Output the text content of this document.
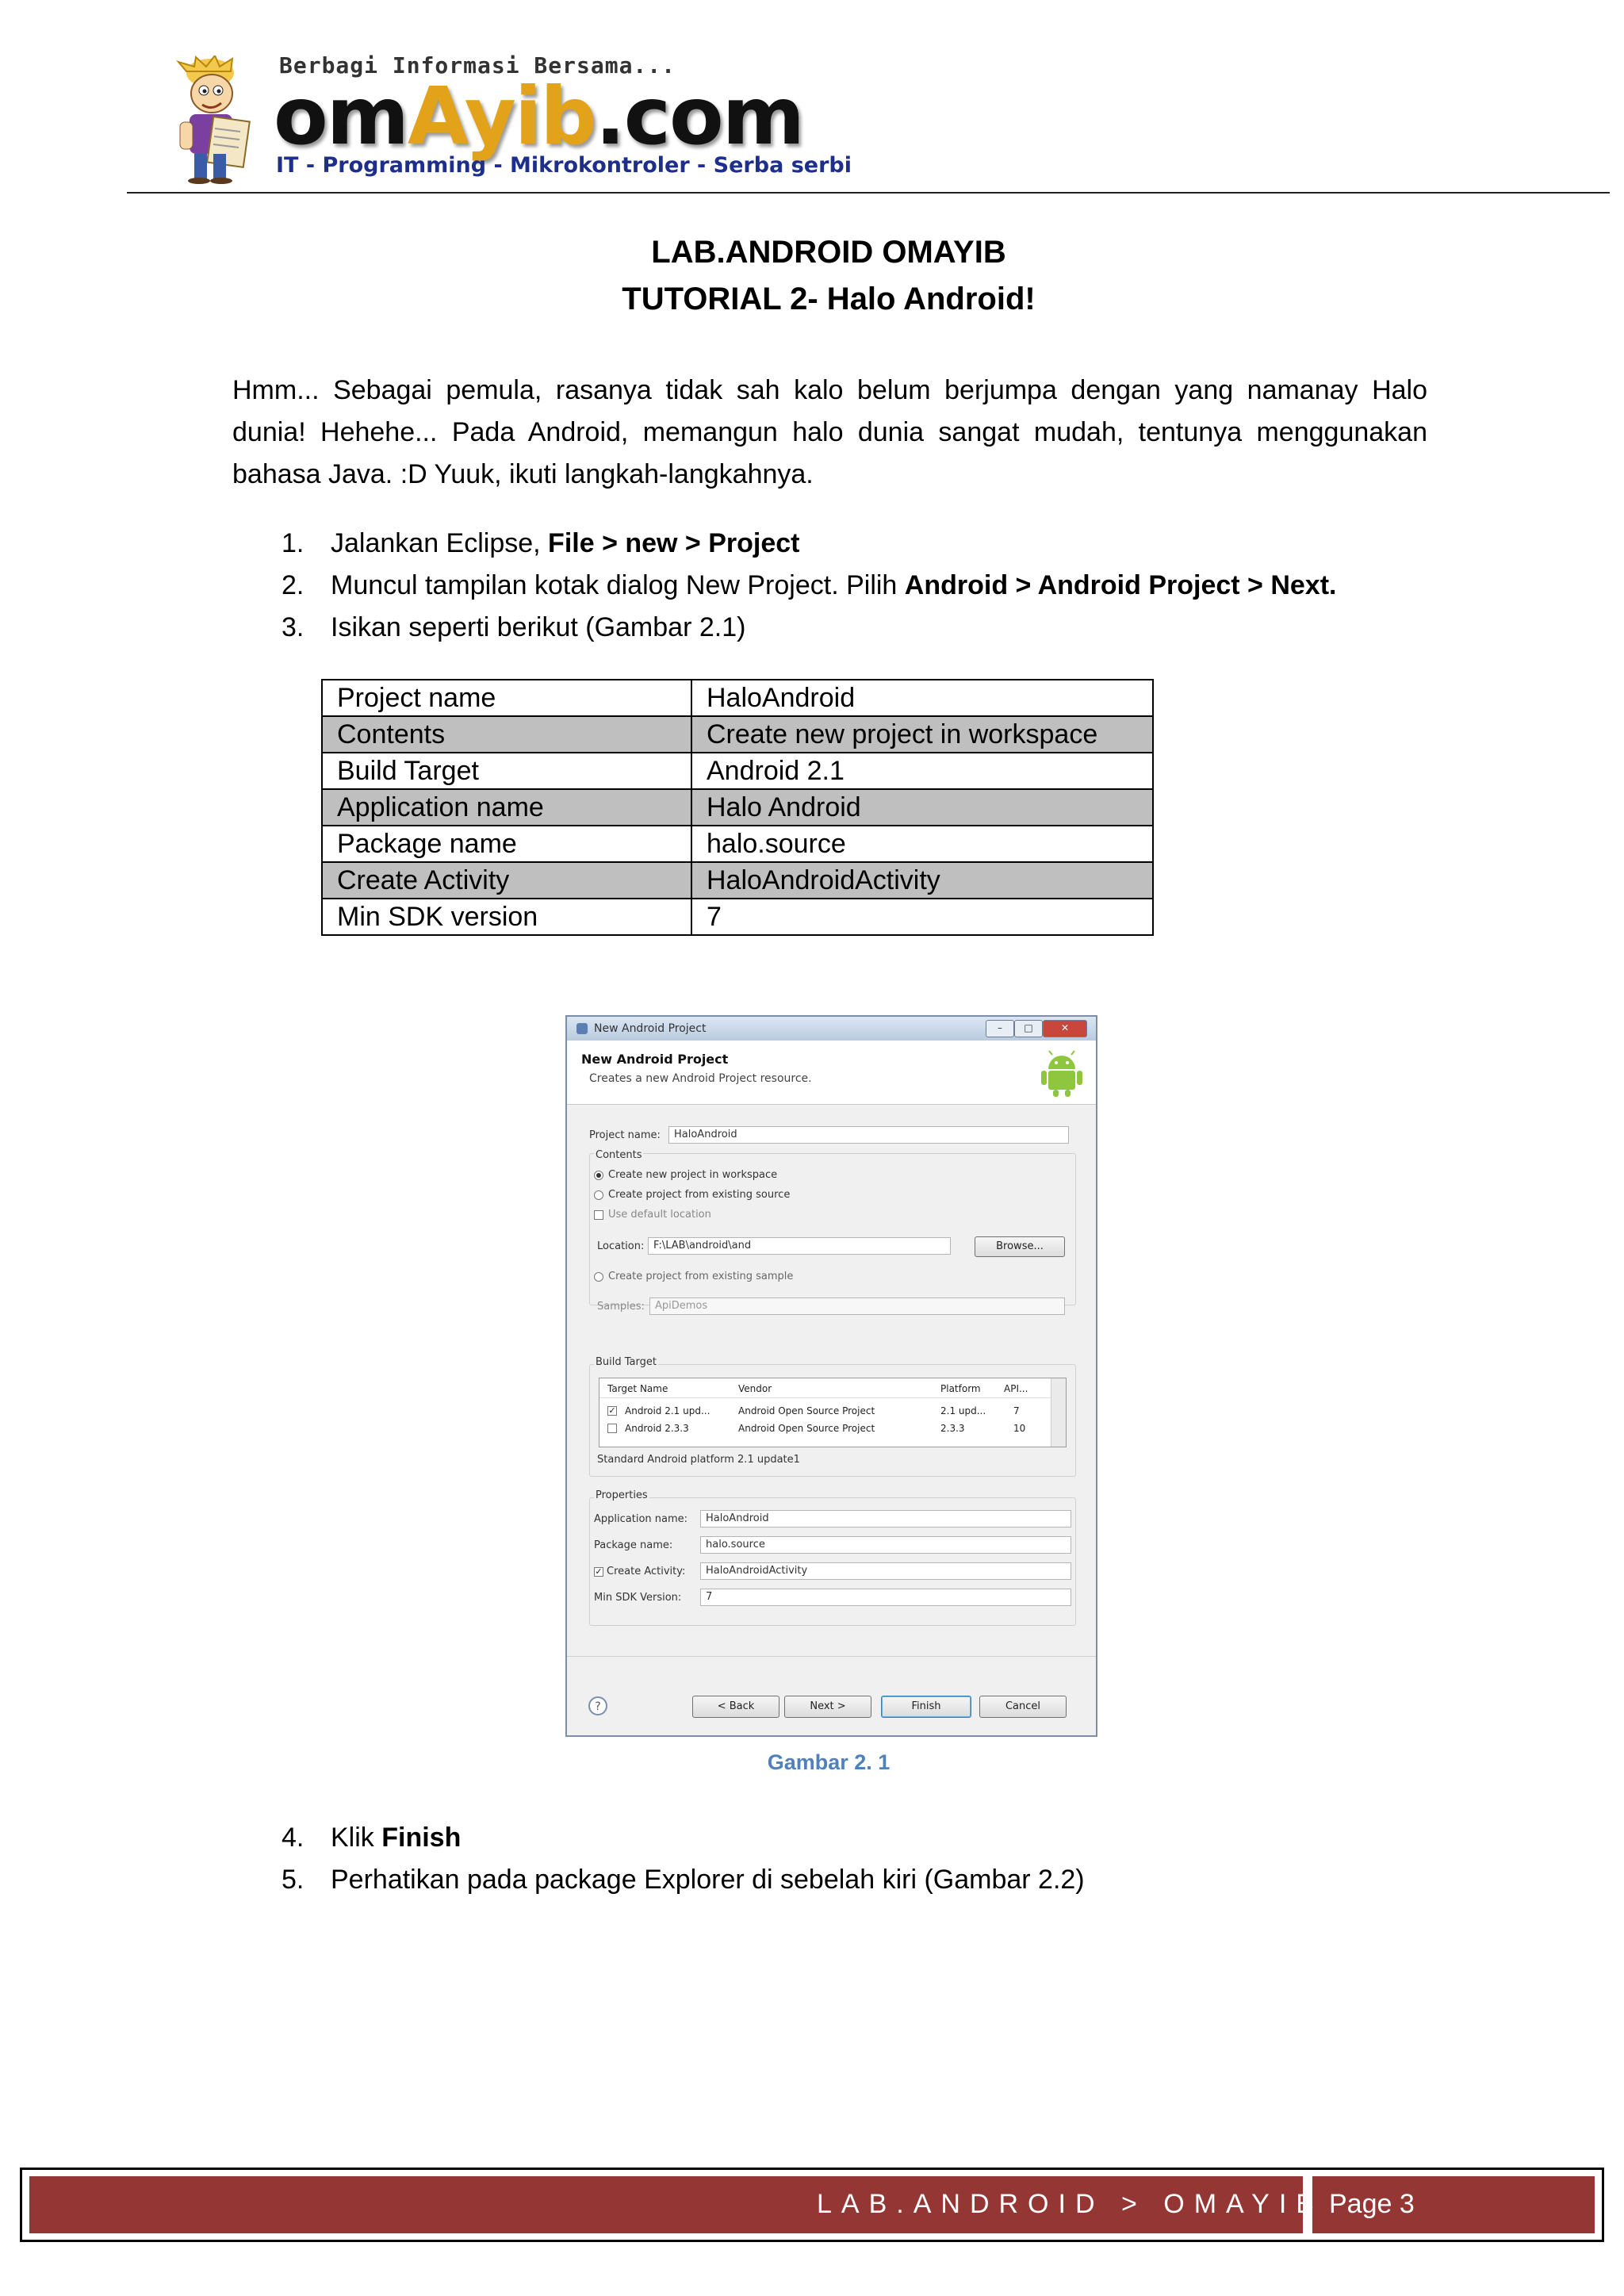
Berbagi Informasi Bersama...
omAyib.com
IT - Programming - Mikrokontroler - Serba serbi
LAB.ANDROID OMAYIB
TUTORIAL 2- Halo Android!
Hmm... Sebagai pemula, rasanya tidak sah kalo belum berjumpa dengan yang namanay Halo dunia! Hehehe... Pada Android, memangun halo dunia sangat mudah, tentunya menggunakan bahasa Java. :D Yuuk, ikuti langkah-langkahnya.
1. Jalankan Eclipse, File > new > Project
2. Muncul tampilan kotak dialog New Project. Pilih Android > Android Project > Next.
3. Isikan seperti berikut (Gambar 2.1)
Project name	HaloAndroid
Contents	Create new project in workspace
Build Target	Android 2.1
Application name	Halo Android
Package name	halo.source
Create Activity	HaloAndroidActivity
Min SDK version	7
New Android Project	–	□	✕
New Android Project
Creates a new Android Project resource.
Project name:	HaloAndroid
Contents
Create new project in workspace
Create project from existing source
Use default location
Location: F:\LAB\android\and	Browse...
Create project from existing sample
Samples:	ApiDemos
Build Target
Target Name	Vendor	Platform API...
✓ Android 2.1 upd...	Android Open Source Project	2.1 upd...	7
Android 2.3.3	Android Open Source Project	2.3.3	10
Standard Android platform 2.1 update1
Properties
Application name:	HaloAndroid
Package name:	halo.source
✓ Create Activity:	HaloAndroidActivity
Min SDK Version:	7
?	< Back	Next >	Finish	Cancel
Gambar 2. 1
4. Klik Finish
5. Perhatikan pada package Explorer di sebelah kiri (Gambar 2.2)
LAB.ANDROID > OMAYIB Page 3
